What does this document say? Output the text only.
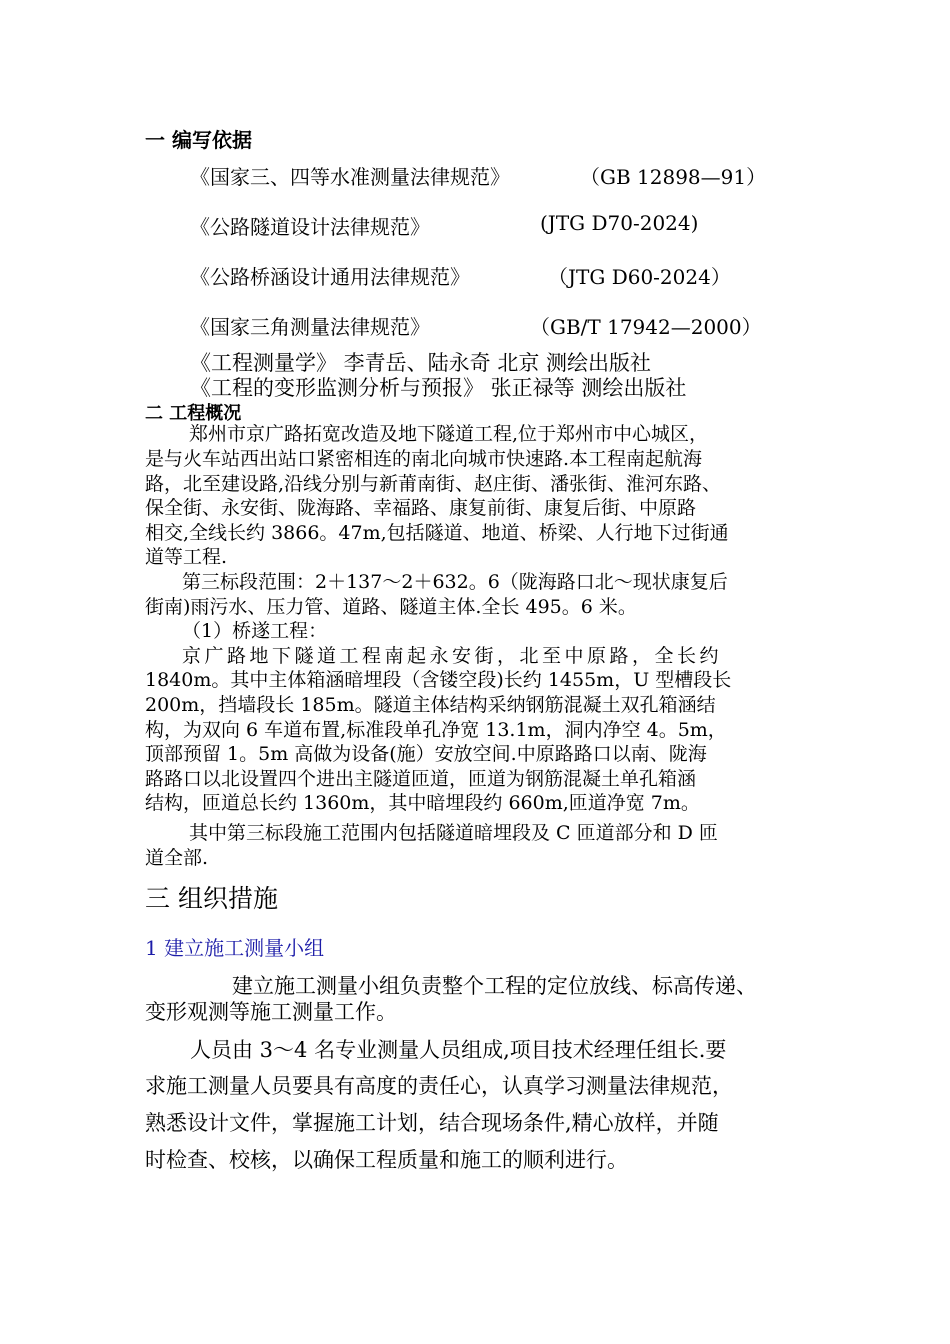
一 编写依据
《国家三、四等水准测量法律规范》	（GB 12898—91）
《公路隧道设计法律规范》	(JTG D70-2024)
《公路桥涵设计通用法律规范》	（JTG D60-2024）
《国家三角测量法律规范》	（GB/T 17942—2000）
《工程测量学》 李青岳、陆永奇 北京 测绘出版社
《工程的变形监测分析与预报》 张正禄等 测绘出版社
二 工程概况
郑州市京广路拓宽改造及地下隧道工程,位于郑州市中心城区，
是与火车站西出站口紧密相连的南北向城市快速路.本工程南起航海
路，北至建设路,沿线分别与新莆南街、赵庄街、潘张街、淮河东路、
保全街、永安街、陇海路、幸福路、康复前街、康复后街、中原路
相交,全线长约 3866。47m,包括隧道、地道、桥梁、人行地下过街通
道等工程.
第三标段范围：2＋137～2＋632。6（陇海路口北～现状康复后
街南)雨污水、压力管、道路、隧道主体.全长 495。6 米。
（1）桥遂工程：
京广路地下隧道工程南起永安街，北至中原路，全长约
1840m。其中主体箱涵暗埋段（含镂空段)长约 1455m，U 型槽段长
200m，挡墙段长 185m。隧道主体结构采纳钢筋混凝土双孔箱涵结
构，为双向 6 车道布置,标准段单孔净宽 13.1m，洞内净空 4。5m，
顶部预留 1。5m 高做为设备(施）安放空间.中原路路口以南、陇海
路路口以北设置四个进出主隧道匝道，匝道为钢筋混凝土单孔箱涵
结构，匝道总长约 1360m，其中暗埋段约 660m,匝道净宽 7m。
其中第三标段施工范围内包括隧道暗埋段及 C 匝道部分和 D 匝
道全部.
三 组织措施
1 建立施工测量小组
建立施工测量小组负责整个工程的定位放线、标高传递、
变形观测等施工测量工作。
人员由 3～4 名专业测量人员组成,项目技术经理任组长.要
求施工测量人员要具有高度的责任心，认真学习测量法律规范，
熟悉设计文件，掌握施工计划，结合现场条件,精心放样，并随
时检查、校核，以确保工程质量和施工的顺利进行。
